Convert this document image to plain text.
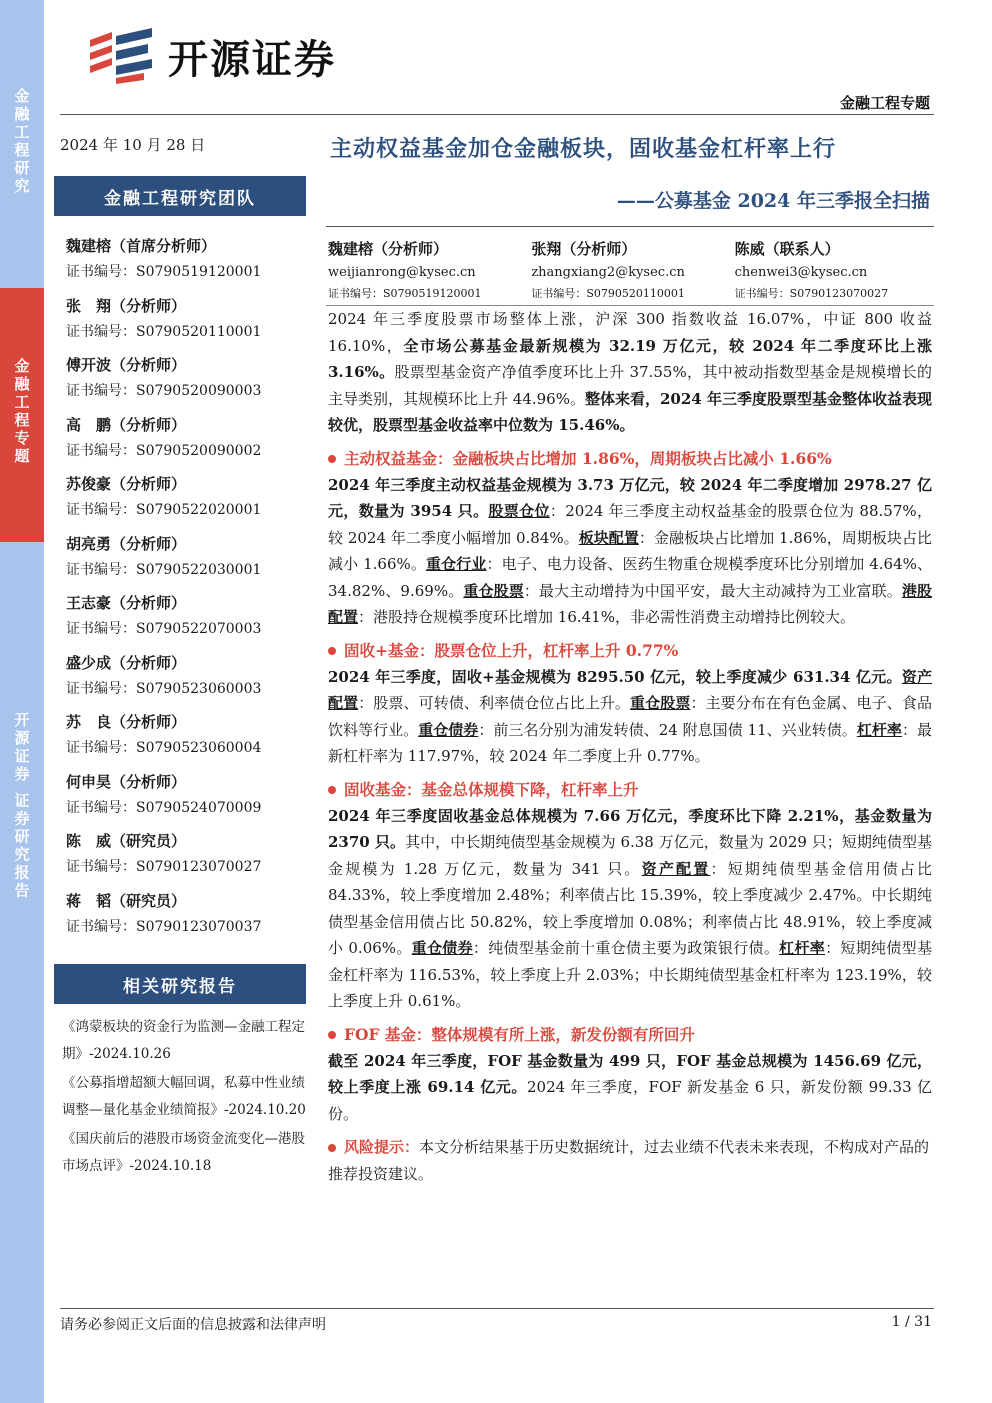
金融工程研究
金融工程专题
开源证券 证券研究报告
开源证券
金融工程专题
2024 年 10 月 28 日
金融工程研究团队
魏建榕（首席分析师）
证书编号：S0790519120001
张　翔（分析师）
证书编号：S0790520110001
傅开波（分析师）
证书编号：S0790520090003
高　鹏（分析师）
证书编号：S0790520090002
苏俊豪（分析师）
证书编号：S0790522020001
胡亮勇（分析师）
证书编号：S0790522030001
王志豪（分析师）
证书编号：S0790522070003
盛少成（分析师）
证书编号：S0790523060003
苏　良（分析师）
证书编号：S0790523060004
何申昊（分析师）
证书编号：S0790524070009
陈　威（研究员）
证书编号：S0790123070027
蒋　韬（研究员）
证书编号：S0790123070037
相关研究报告
《鸿蒙板块的资金行为监测—金融工程定期》-2024.10.26
《公募指增超额大幅回调，私募中性业绩调整—量化基金业绩简报》-2024.10.20
《国庆前后的港股市场资金流变化—港股市场点评》-2024.10.18
主动权益基金加仓金融板块，固收基金杠杆率上行
——公募基金 2024 年三季报全扫描
魏建榕（分析师）
weijianrong@kysec.cn
证书编号：S0790519120001
张翔（分析师）
zhangxiang2@kysec.cn
证书编号：S0790520110001
陈威（联系人）
chenwei3@kysec.cn
证书编号：S0790123070027

2024 年三季度股票市场整体上涨，沪深 300 指数收益 16.07%，中证 800 收益 16.10%，全市场公募基金最新规模为 32.19 万亿元，较 2024 年二季度环比上涨 3.16%。股票型基金资产净值季度环比上升 37.55%，其中被动指数型基金是规模增长的主导类别，其规模环比上升 44.96%。整体来看，2024 年三季度股票型基金整体收益表现较优，股票型基金收益率中位数为 15.46%。

主动权益基金：金融板块占比增加 1.86%，周期板块占比减小 1.66%

2024 年三季度主动权益基金规模为 3.73 万亿元，较 2024 年二季度增加 2978.27 亿元，数量为 3954 只。股票仓位：2024 年三季度主动权益基金的股票仓位为 88.57%，较 2024 年二季度小幅增加 0.84%。板块配置：金融板块占比增加 1.86%，周期板块占比减小 1.66%。重仓行业：电子、电力设备、医药生物重仓规模季度环比分别增加 4.64%、34.82%、9.69%。重仓股票：最大主动增持为中国平安，最大主动减持为工业富联。港股配置：港股持仓规模季度环比增加 16.41%，非必需性消费主动增持比例较大。

固收+基金：股票仓位上升，杠杆率上升 0.77%

2024 年三季度，固收+基金规模为 8295.50 亿元，较上季度减少 631.34 亿元。资产配置：股票、可转债、利率债仓位占比上升。重仓股票：主要分布在有色金属、电子、食品饮料等行业。重仓债券：前三名分别为浦发转债、24 附息国债 11、兴业转债。杠杆率：最新杠杆率为 117.97%，较 2024 年二季度上升 0.77%。

固收基金：基金总体规模下降，杠杆率上升

2024 年三季度固收基金总体规模为 7.66 万亿元，季度环比下降 2.21%，基金数量为 2370 只。其中，中长期纯债型基金规模为 6.38 万亿元，数量为 2029 只；短期纯债型基金规模为 1.28 万亿元，数量为 341 只。资产配置：短期纯债型基金信用债占比 84.33%，较上季度增加 2.48%；利率债占比 15.39%，较上季度减少 2.47%。中长期纯债型基金信用债占比 50.82%，较上季度增加 0.08%；利率债占比 48.91%，较上季度减小 0.06%。重仓债券：纯债型基金前十重仓债主要为政策银行债。杠杆率：短期纯债型基金杠杆率为 116.53%，较上季度上升 2.03%；中长期纯债型基金杠杆率为 123.19%，较上季度上升 0.61%。

FOF 基金：整体规模有所上涨，新发份额有所回升

截至 2024 年三季度，FOF 基金数量为 499 只，FOF 基金总规模为 1456.69 亿元，较上季度上涨 69.14 亿元。2024 年三季度，FOF 新发基金 6 只，新发份额 99.33 亿份。

风险提示：本文分析结果基于历史数据统计，过去业绩不代表未来表现，不构成对产品的推荐投资建议。

请务必参阅正文后面的信息披露和法律声明	1 / 31
